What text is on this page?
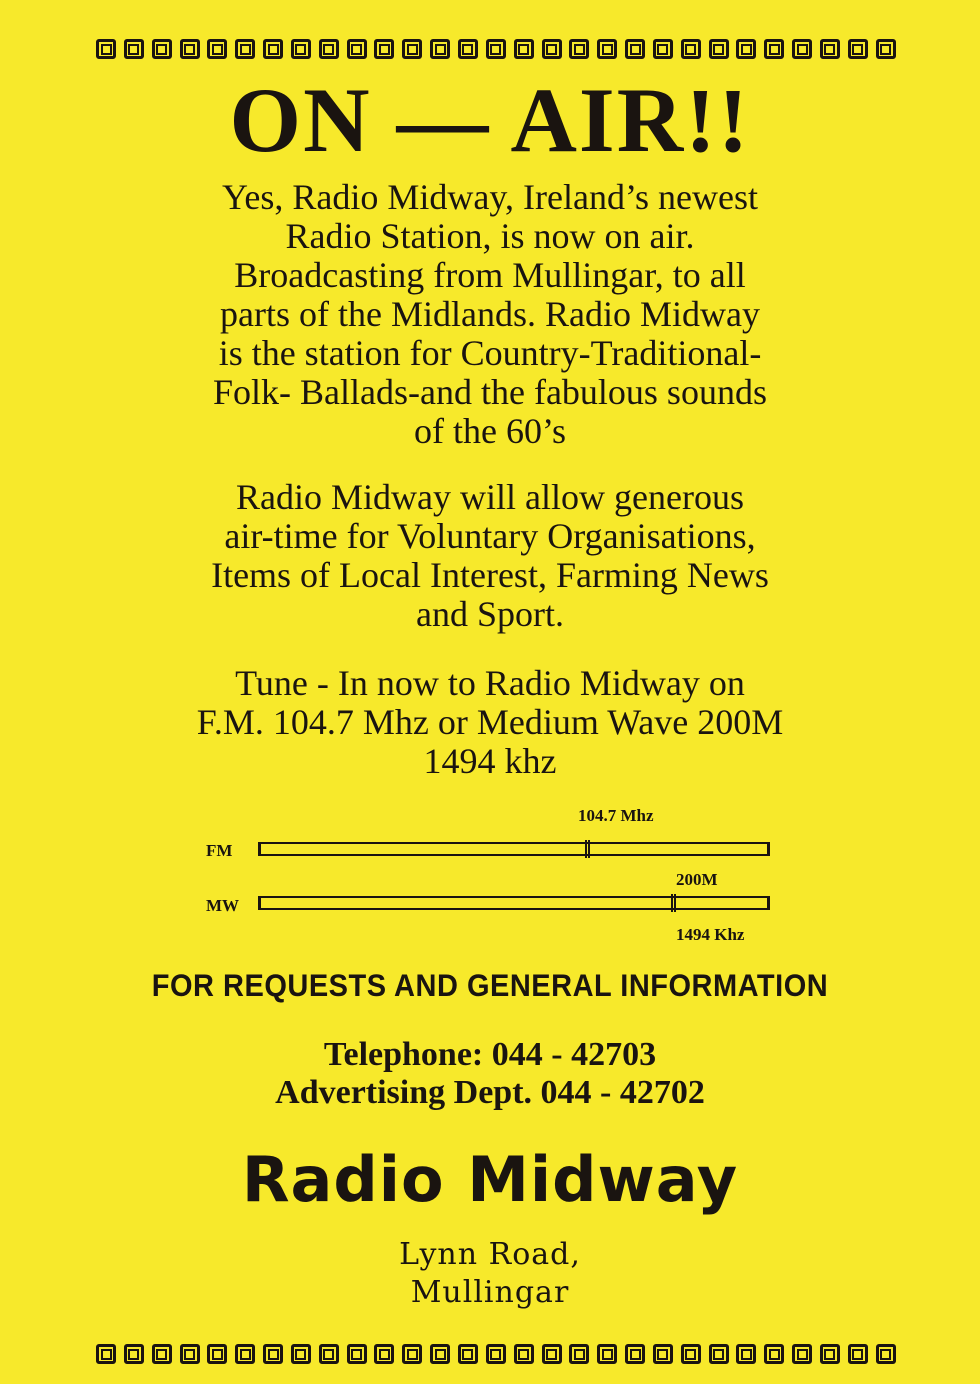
ON — AIR!!

Yes, Radio Midway, Ireland’s newest
Radio Station, is now on air.
Broadcasting from Mullingar, to all
parts of the Midlands. Radio Midway
is the station for Country-Traditional-
Folk- Ballads-and the fabulous sounds
of the 60’s

Radio Midway will allow generous
air-time for Voluntary Organisations,
Items of Local Interest, Farming News
and Sport.

Tune - In now to Radio Midway on
F.M. 104.7 Mhz or Medium Wave 200M
1494 khz

104.7 Mhz
FM
200M
MW
1494 Khz
FOR REQUESTS AND GENERAL INFORMATION

Telephone: 044 - 42703
Advertising Dept. 044 - 42702

Radio Midway

Lynn Road,
Mullingar
